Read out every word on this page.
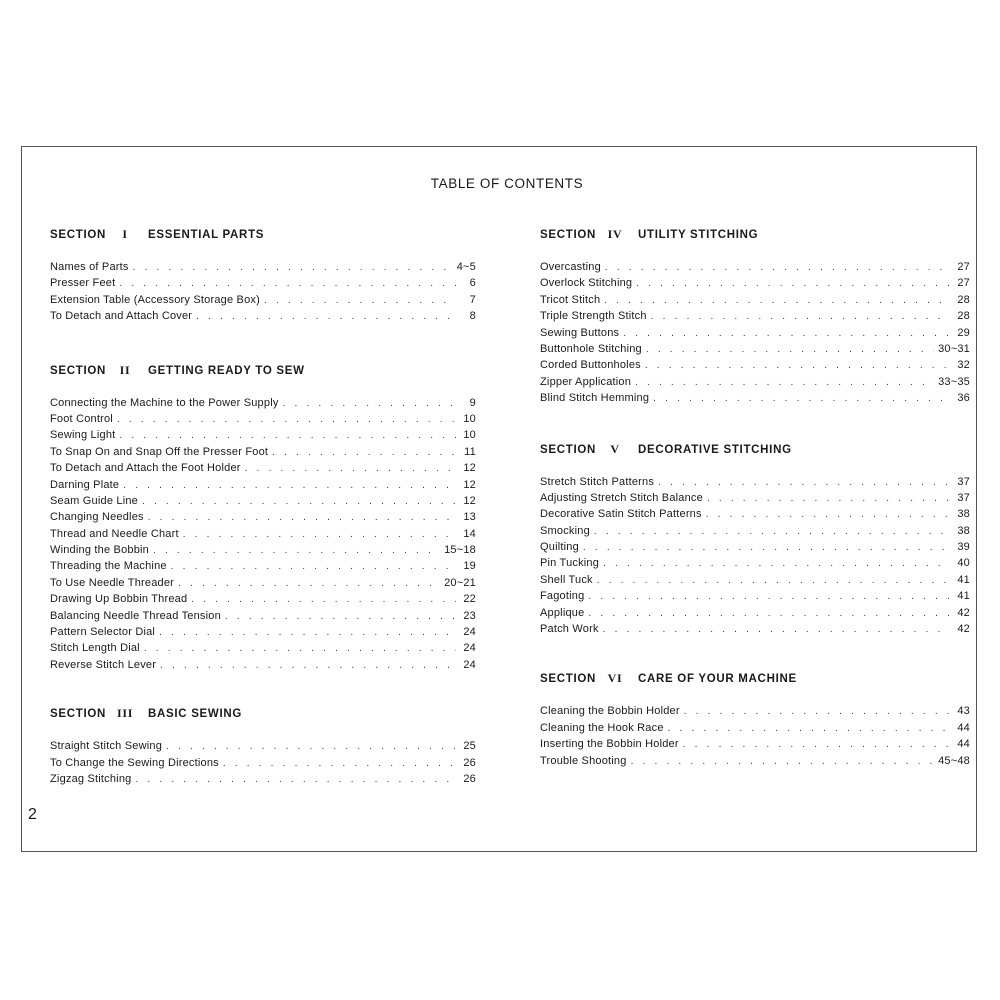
TABLE OF CONTENTS
SECTION I ESSENTIAL PARTS
Names of Parts . . .	4~5
Presser Feet . . .	6
Extension Table (Accessory Storage Box) . . .	7
To Detach and Attach Cover . . .	8
SECTION II GETTING READY TO SEW
Connecting the Machine to the Power Supply . . .	9
Foot Control . . .	10
Sewing Light . . .	10
To Snap On and Snap Off the Presser Foot . . .	11
To Detach and Attach the Foot Holder . . .	12
Darning Plate . . .	12
Seam Guide Line . . .	12
Changing Needles . . .	13
Thread and Needle Chart . . .	14
Winding the Bobbin . . .	15~18
Threading the Machine . . .	19
To Use Needle Threader . . .	20~21
Drawing Up Bobbin Thread . . .	22
Balancing Needle Thread Tension . . .	23
Pattern Selector Dial . . .	24
Stitch Length Dial . . .	24
Reverse Stitch Lever . . .	24
SECTION III BASIC SEWING
Straight Stitch Sewing . . .	25
To Change the Sewing Directions . . .	26
Zigzag Stitching . . .	26
SECTION IV UTILITY STITCHING
Overcasting . . .	27
Overlock Stitching . . .	27
Tricot Stitch . . .	28
Triple Strength Stitch . . .	28
Sewing Buttons . . .	29
Buttonhole Stitching . . .	30~31
Corded Buttonholes . . .	32
Zipper Application . . .	33~35
Blind Stitch Hemming . . .	36
SECTION V DECORATIVE STITCHING
Stretch Stitch Patterns . . .	37
Adjusting Stretch Stitch Balance . . .	37
Decorative Satin Stitch Patterns . . .	38
Smocking . . .	38
Quilting . . .	39
Pin Tucking . . .	40
Shell Tuck . . .	41
Fagoting . . .	41
Applique . . .	42
Patch Work . . .	42
SECTION VI CARE OF YOUR MACHINE
Cleaning the Bobbin Holder . . .	43
Cleaning the Hook Race . . .	44
Inserting the Bobbin Holder . . .	44
Trouble Shooting . . .	45~48
2
